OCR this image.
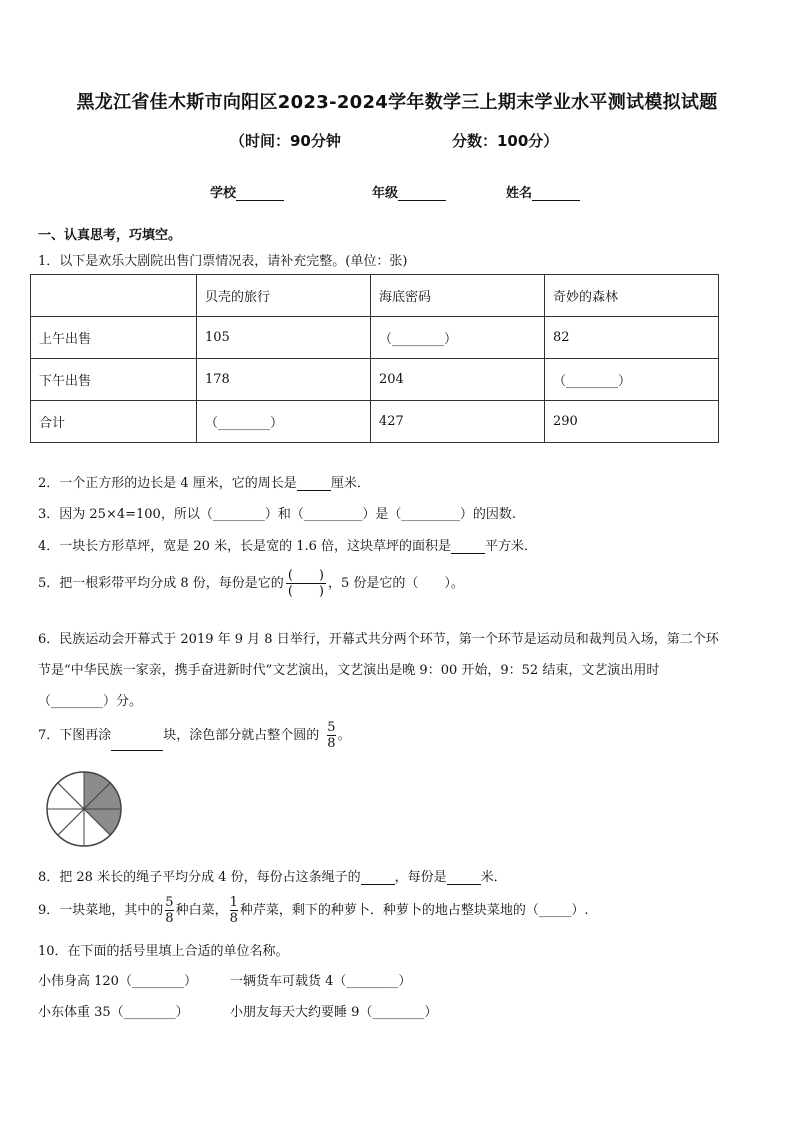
黑龙江省佳木斯市向阳区2023-2024学年数学三上期末学业水平测试模拟试题
（时间：90分钟	分数：100分）
学校	年级	姓名
一、认真思考，巧填空。
1．以下是欢乐大剧院出售门票情况表，请补充完整。(单位：张)
	贝壳的旅行	海底密码	奇妙的森林
上午出售	105	（________）	82
下午出售	178	204	（________）
合计	（________）	427	290
2．一个正方形的边长是 4 厘米，它的周长是	厘米．
3．因为 25×4=100，所以（________）和（_________）是（_________）的因数.
4．一块长方形草坪，宽是 20 米，长是宽的 1.6 倍，这块草坪的面积是	平方米．
5．把一根彩带平均分成 8 份，每份是它的 $\frac{( )}{( )}$ ，5 份是它的（　　）。
6．民族运动会开幕式于 2019 年 9 月 8 日举行，开幕式共分两个环节，第一个环节是运动员和裁判员入场，第二个环
节是“中华民族一家亲，携手奋进新时代”文艺演出，文艺演出是晚 9：00 开始，9：52 结束，文艺演出用时
（________）分。
7．下图再涂	块，涂色部分就占整个圆的 $\frac{5}{8}$ 。
8．把 28 米长的绳子平均分成 4 份，每份占这条绳子的	，每份是	米．
9．一块菜地，其中的 $\frac{5}{8}$ 种白菜， $\frac{1}{8}$ 种芹菜，剩下的种萝卜．种萝卜的地占整块菜地的（_____）.
10．在下面的括号里填上合适的单位名称。
小伟身高 120（________）	一辆货车可载货 4（________）
小东体重 35（________）	小朋友每天大约要睡 9（________）
